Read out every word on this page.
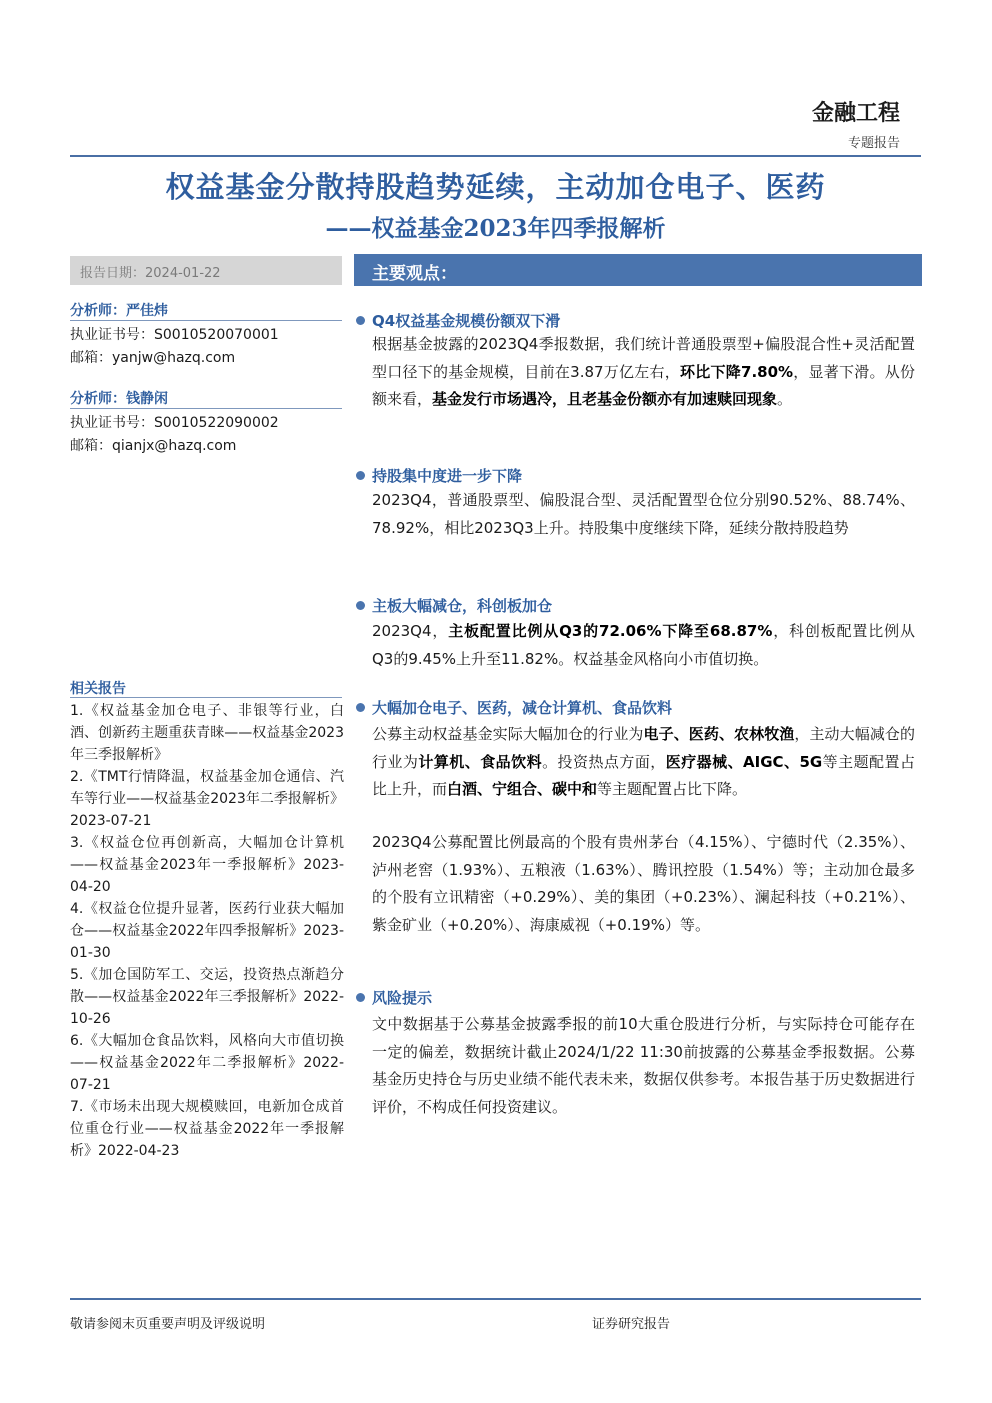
金融工程
专题报告
权益基金分散持股趋势延续，主动加仓电子、医药
——权益基金2023年四季报解析
报告日期：2024-01-22
分析师：严佳炜
执业证书号：S0010520070001
邮箱：yanjw@hazq.com
分析师：钱静闲
执业证书号：S0010522090002
邮箱：qianjx@hazq.com
相关报告
1.《权益基金加仓电子、非银等行业，白酒、创新药主题重获青睐——权益基金2023年三季报解析》
2.《TMT行情降温，权益基金加仓通信、汽车等行业——权益基金2023年二季报解析》2023-07-21
3.《权益仓位再创新高，大幅加仓计算机——权益基金2023年一季报解析》2023-04-20
4.《权益仓位提升显著，医药行业获大幅加仓——权益基金2022年四季报解析》2023-01-30
5.《加仓国防军工、交运，投资热点渐趋分散——权益基金2022年三季报解析》2022-10-26
6.《大幅加仓食品饮料，风格向大市值切换——权益基金2022年二季报解析》2022-07-21
7.《市场未出现大规模赎回，电新加仓成首位重仓行业——权益基金2022年一季报解析》2022-04-23
主要观点：
Q4权益基金规模份额双下滑
根据基金披露的2023Q4季报数据，我们统计普通股票型+偏股混合性+灵活配置型口径下的基金规模，目前在3.87万亿左右，环比下降7.80%，显著下滑。从份额来看，基金发行市场遇冷，且老基金份额亦有加速赎回现象。
持股集中度进一步下降
2023Q4，普通股票型、偏股混合型、灵活配置型仓位分别90.52%、88.74%、78.92%，相比2023Q3上升。持股集中度继续下降，延续分散持股趋势
主板大幅减仓，科创板加仓
2023Q4，主板配置比例从Q3的72.06%下降至68.87%，科创板配置比例从Q3的9.45%上升至11.82%。权益基金风格向小市值切换。
大幅加仓电子、医药，减仓计算机、食品饮料
公募主动权益基金实际大幅加仓的行业为电子、医药、农林牧渔，主动大幅减仓的行业为计算机、食品饮料。投资热点方面，医疗器械、AIGC、5G等主题配置占比上升，而白酒、宁组合、碳中和等主题配置占比下降。
2023Q4公募配置比例最高的个股有贵州茅台（4.15%）、宁德时代（2.35%）、泸州老窖（1.93%）、五粮液（1.63%）、腾讯控股（1.54%）等；主动加仓最多的个股有立讯精密（+0.29%）、美的集团（+0.23%）、澜起科技（+0.21%）、紫金矿业（+0.20%）、海康威视（+0.19%）等。
风险提示
文中数据基于公募基金披露季报的前10大重仓股进行分析，与实际持仓可能存在一定的偏差，数据统计截止2024/1/22 11:30前披露的公募基金季报数据。公募基金历史持仓与历史业绩不能代表未来，数据仅供参考。本报告基于历史数据进行评价，不构成任何投资建议。
敬请参阅末页重要声明及评级说明	证券研究报告
